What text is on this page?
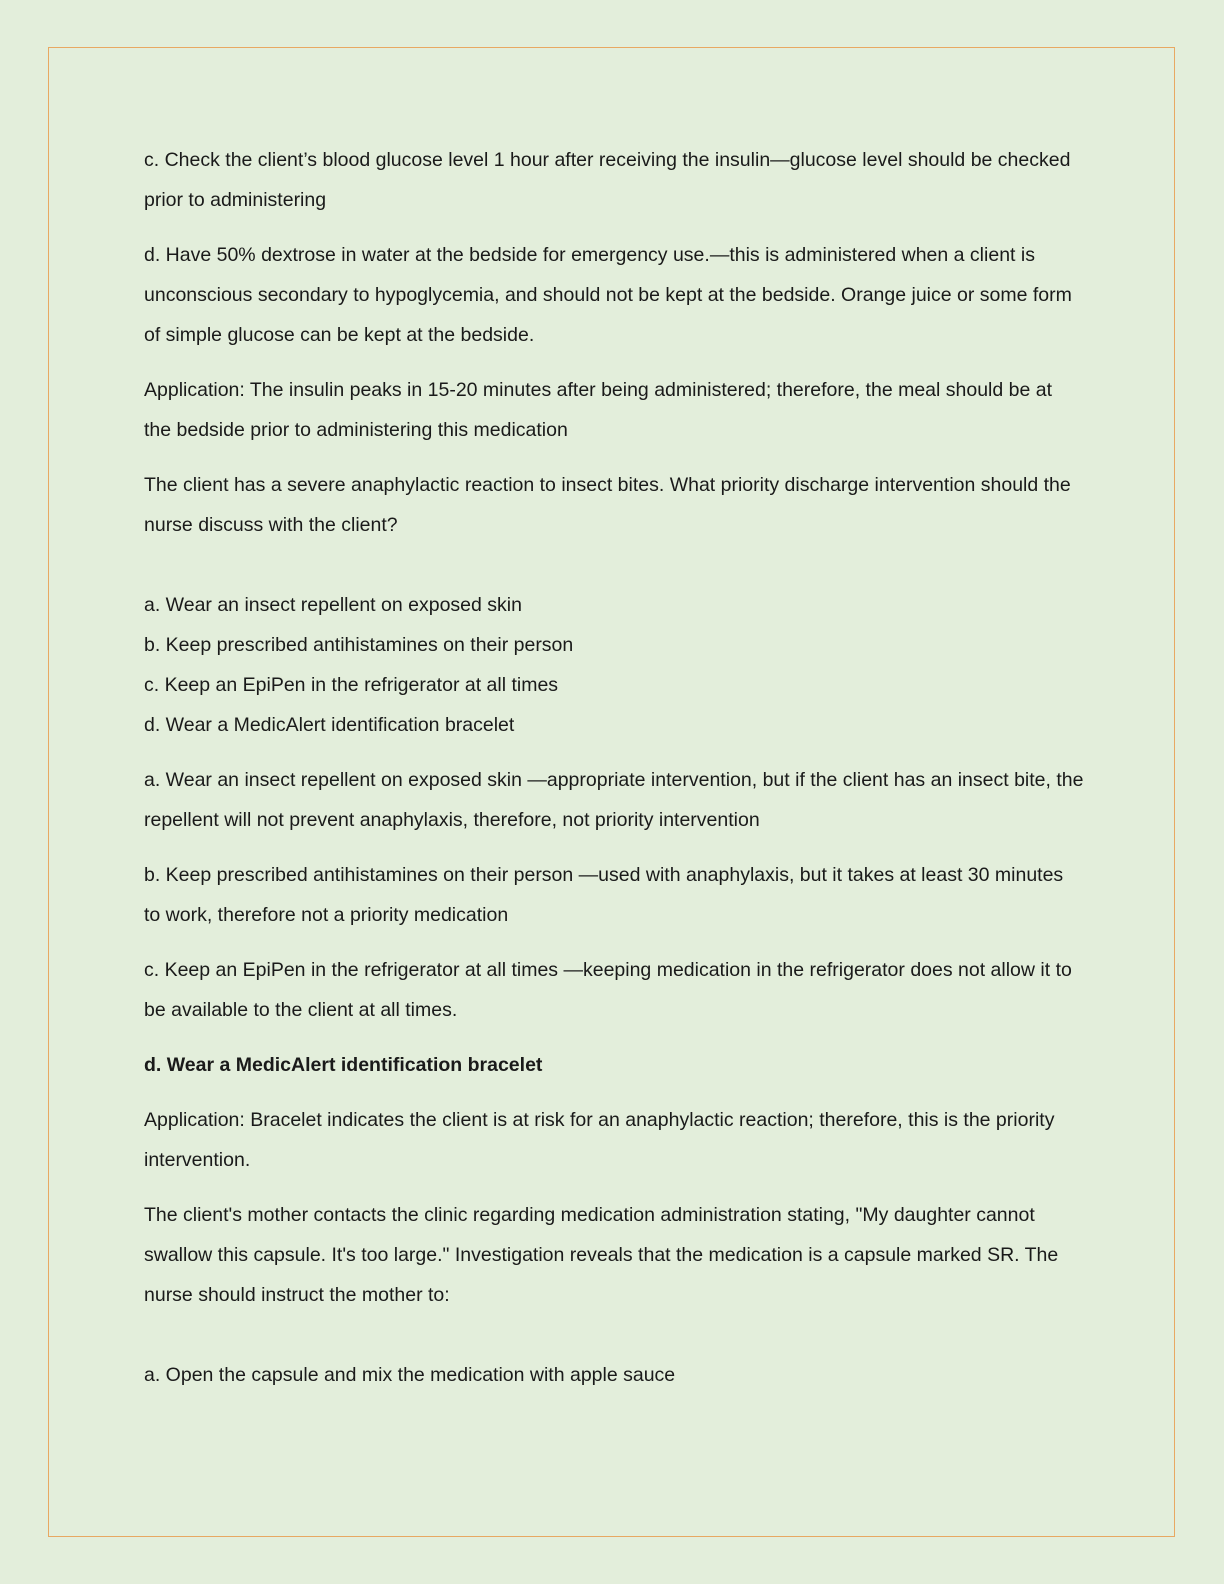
c. Check the client’s blood glucose level 1 hour after receiving the insulin—glucose level should be checked prior to administering

d. Have 50% dextrose in water at the bedside for emergency use.—this is administered when a client is unconscious secondary to hypoglycemia, and should not be kept at the bedside. Orange juice or some form of simple glucose can be kept at the bedside.

Application: The insulin peaks in 15-20 minutes after being administered; therefore, the meal should be at the bedside prior to administering this medication

The client has a severe anaphylactic reaction to insect bites. What priority discharge intervention should the nurse discuss with the client?

a. Wear an insect repellent on exposed skin

b. Keep prescribed antihistamines on their person

c. Keep an EpiPen in the refrigerator at all times

d. Wear a MedicAlert identification bracelet

a. Wear an insect repellent on exposed skin —appropriate intervention, but if the client has an insect bite, the repellent will not prevent anaphylaxis, therefore, not priority intervention

b. Keep prescribed antihistamines on their person —used with anaphylaxis, but it takes at least 30 minutes to work, therefore not a priority medication

c. Keep an EpiPen in the refrigerator at all times —keeping medication in the refrigerator does not allow it to be available to the client at all times.

d. Wear a MedicAlert identification bracelet

Application: Bracelet indicates the client is at risk for an anaphylactic reaction; therefore, this is the priority intervention.

The client's mother contacts the clinic regarding medication administration stating, "My daughter cannot swallow this capsule. It's too large." Investigation reveals that the medication is a capsule marked SR. The nurse should instruct the mother to:

a. Open the capsule and mix the medication with apple sauce
